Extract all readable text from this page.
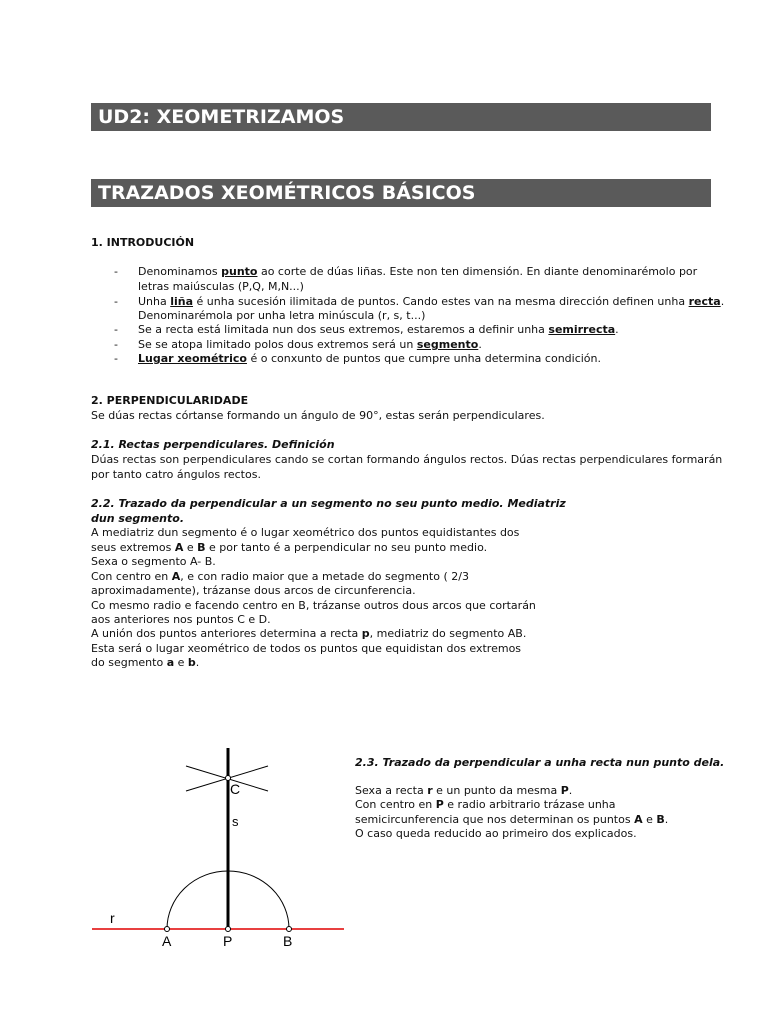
UD2: XEOMETRIZAMOS
TRAZADOS XEOMÉTRICOS BÁSICOS
1. INTRODUCIÓN
- Denominamos punto ao corte de dúas liñas. Este non ten dimensión. En diante denominarémolo por
letras maiúsculas (P,Q, M,N...)
- Unha liña é unha sucesión ilimitada de puntos. Cando estes van na mesma dirección definen unha recta.
Denominarémola por unha letra minúscula (r, s, t...)
- Se a recta está limitada nun dos seus extremos, estaremos a definir unha semirrecta.
- Se se atopa limitado polos dous extremos será un segmento.
- Lugar xeométrico é o conxunto de puntos que cumpre unha determina condición.
2. PERPENDICULARIDADE
Se dúas rectas córtanse formando un ángulo de 90°, estas serán perpendiculares.
2.1. Rectas perpendiculares. Definición
Dúas rectas son perpendiculares cando se cortan formando ángulos rectos. Dúas rectas perpendiculares formarán
por tanto catro ángulos rectos.
2.2. Trazado da perpendicular a un segmento no seu punto medio. Mediatriz
dun segmento.
A mediatriz dun segmento é o lugar xeométrico dos puntos equidistantes dos
seus extremos A e B e por tanto é a perpendicular no seu punto medio.
Sexa o segmento A- B.
Con centro en A, e con radio maior que a metade do segmento ( 2/3
aproximadamente), trázanse dous arcos de circunferencia.
Co mesmo radio e facendo centro en B, trázanse outros dous arcos que cortarán
aos anteriores nos puntos C e D.
A unión dos puntos anteriores determina a recta p, mediatriz do segmento AB.
Esta será o lugar xeométrico de todos os puntos que equidistan dos extremos
do segmento a e b.
2.3. Trazado da perpendicular a unha recta nun punto dela.
Sexa a recta r e un punto da mesma P.
Con centro en P e radio arbitrario trázase unha
semicircunferencia que nos determinan os puntos A e B.
O caso queda reducido ao primeiro dos explicados.
r
A	P	B
C
s
